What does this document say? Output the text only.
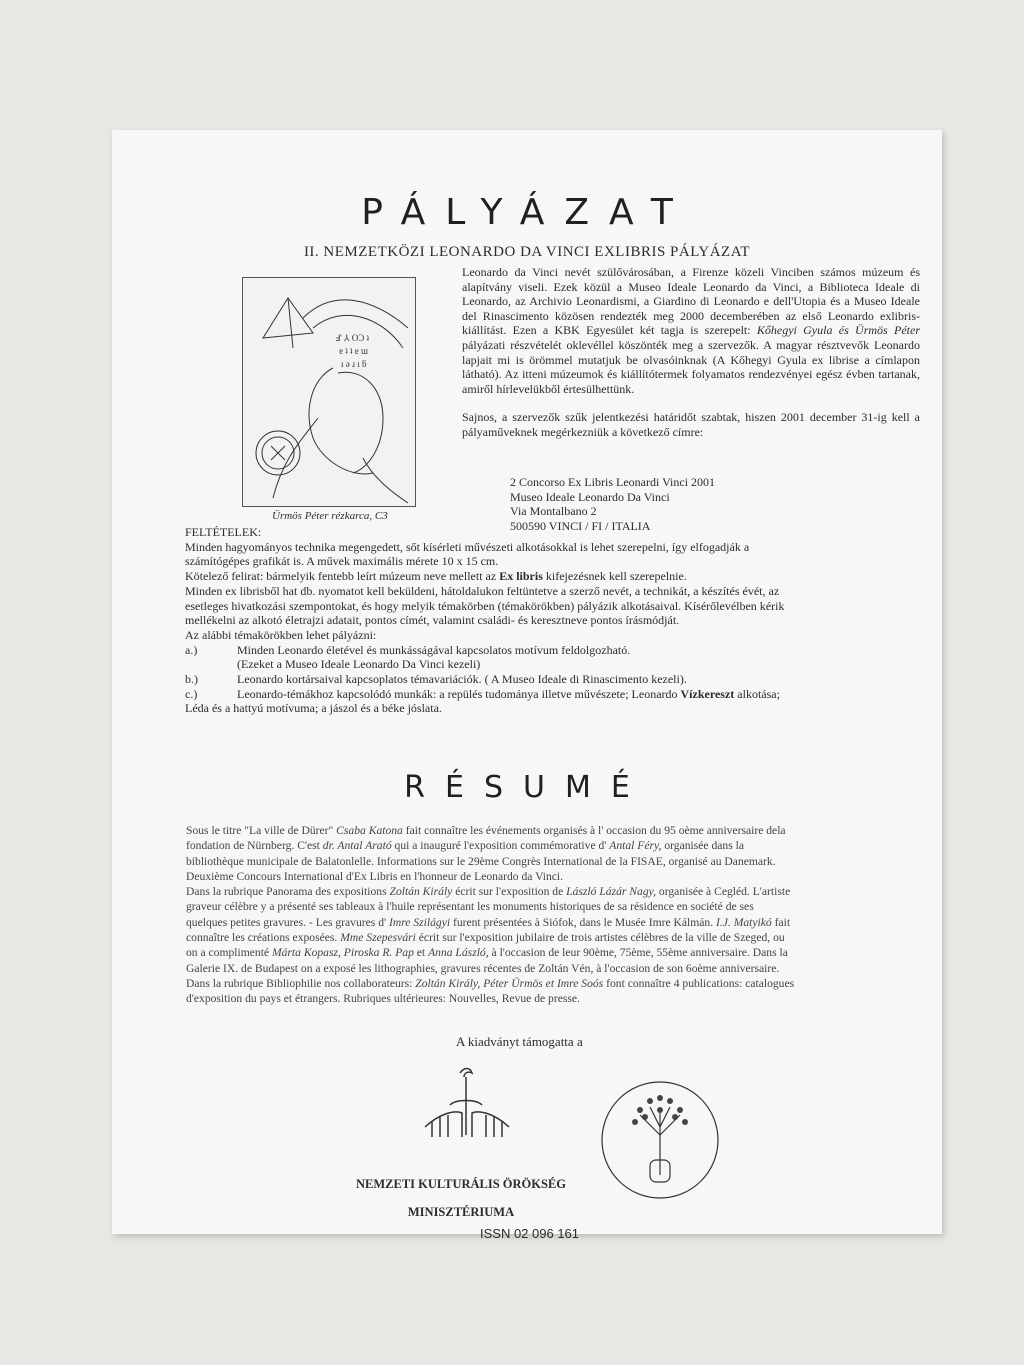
PÁLYÁZAT
II. NEMZETKÖZI LEONARDO DA VINCI EXLIBRIS PÁLYÁZAT
Ⅎ' ⅄ OƆ ʇ
ɐ ʇ ʇ ɐ ɯ
ı ǝ ɹ ı ƃ
Ürmös Péter rézkarca, C3

Leonardo da Vinci nevét szülővárosában, a Firenze közeli Vinciben számos múzeum és alapítvány viseli. Ezek közül a Museo Ideale Leonardo da Vinci, a Biblioteca Ideale di Leonardo, az Archivio Leonardismi, a Giardino di Leonardo e dell'Utopia és a Museo Ideale del Rinascimento közösen rendezték meg 2000 decemberében az első Leonardo exlibris-kiállítást. Ezen a KBK Egyesület két tagja is szerepelt: Kőhegyi Gyula és Ürmös Péter pályázati részvételét oklevéllel köszönték meg a szervezők. A magyar résztvevők Leonardo lapjait mi is örömmel mutatjuk be olvasóinknak (A Kőhegyi Gyula ex librise a címlapon látható). Az itteni múzeumok és kiállítótermek folyamatos rendezvényei egész évben tartanak, amiről hírlevelükből értesülhettünk.

Sajnos, a szervezők szűk jelentkezési határidőt szabtak, hiszen 2001 december 31-ig kell a pályaműveknek megérkezniük a következő címre:

2 Concorso Ex Libris Leonardi Vinci 2001
Museo Ideale Leonardo Da Vinci
Via Montalbano 2
500590 VINCI / FI / ITALIA
FELTÉTELEK:
Minden hagyományos technika megengedett, sőt kísérleti művészeti alkotásokkal is lehet szerepelni, így elfogadják a
számítógépes grafikát is. A művek maximális mérete 10 x 15 cm.
Kötelező felirat: bármelyik fentebb leírt múzeum neve mellett az Ex libris kifejezésnek kell szerepelnie.
Minden ex librisből hat db. nyomatot kell beküldeni, hátoldalukon feltüntetve a szerző nevét, a technikát, a készítés évét, az
esetleges hivatkozási szempontokat, és hogy melyik témakörben (témakörökben) pályázik alkotásaival. Kísérőlevélben kérik
mellékelni az alkotó életrajzi adatait, pontos címét, valamint családi- és keresztneve pontos írásmódját.
Az alábbi témakörökben lehet pályázni:
a.)	Minden Leonardo életével és munkásságával kapcsolatos motívum feldolgozható.
(Ezeket a Museo Ideale Leonardo Da Vinci kezeli)
b.)	Leonardo kortársaival kapcsoplatos témavariációk. ( A Museo Ideale di Rinascimento kezeli).
c.)	Leonardo-témákhoz kapcsolódó munkák: a repülés tudománya illetve művészete; Leonardo Vízkereszt alkotása;
Léda és a hattyú motívuma; a jászol és a béke jóslata.
RÉSUMÉ
Sous le titre "La ville de Dürer" Csaba Katona fait connaître les événements organisés à l' occasion du 95 oème anniversaire dela
fondation de Nürnberg. C'est dr. Antal Arató qui a inauguré l'exposition commémorative d' Antal Féry, organisée dans la
bibliothèque municipale de Balatonlelle. Informations sur le 29ème Congrès International de la FISAE, organisé au Danemark.
Deuxième Concours International d'Ex Libris en l'honneur de Leonardo da Vinci.
Dans la rubrique Panorama des expositions Zoltán Király écrit sur l'exposition de László Lázár Nagy, organisée à Cegléd. L'artiste
graveur célèbre y a présenté ses tableaux à l'huile représentant les monuments historiques de sa résidence en société de ses
quelques petites gravures. - Les gravures d' Imre Szilágyi furent présentées à Siófok, dans le Musée Imre Kálmán. I.J. Matyikó fait
connaître les créations exposées. Mme Szepesvári écrit sur l'exposition jubilaire de trois artistes célèbres de la ville de Szeged, ou
on a complimenté Márta Kopasz, Piroska R. Pap et Anna László, à l'occasion de leur 90ème, 75ème, 55ème anniversaire. Dans la
Galerie IX. de Budapest on a exposé les lithographies, gravures récentes de Zoltán Vén, à l'occasion de son 6oème anniversaire.
Dans la rubrique Bibliophilie nos collaborateurs: Zoltán Király, Péter Ürmös et Imre Soós font connaître 4 publications: catalogues
d'exposition du pays et étrangers. Rubriques ultérieures: Nouvelles, Revue de presse.
A kiadványt támogatta a
NEMZETI KULTURÁLIS ÖRÖKSÉG
MINISZTÉRIUMA
ISSN 02 096 161
